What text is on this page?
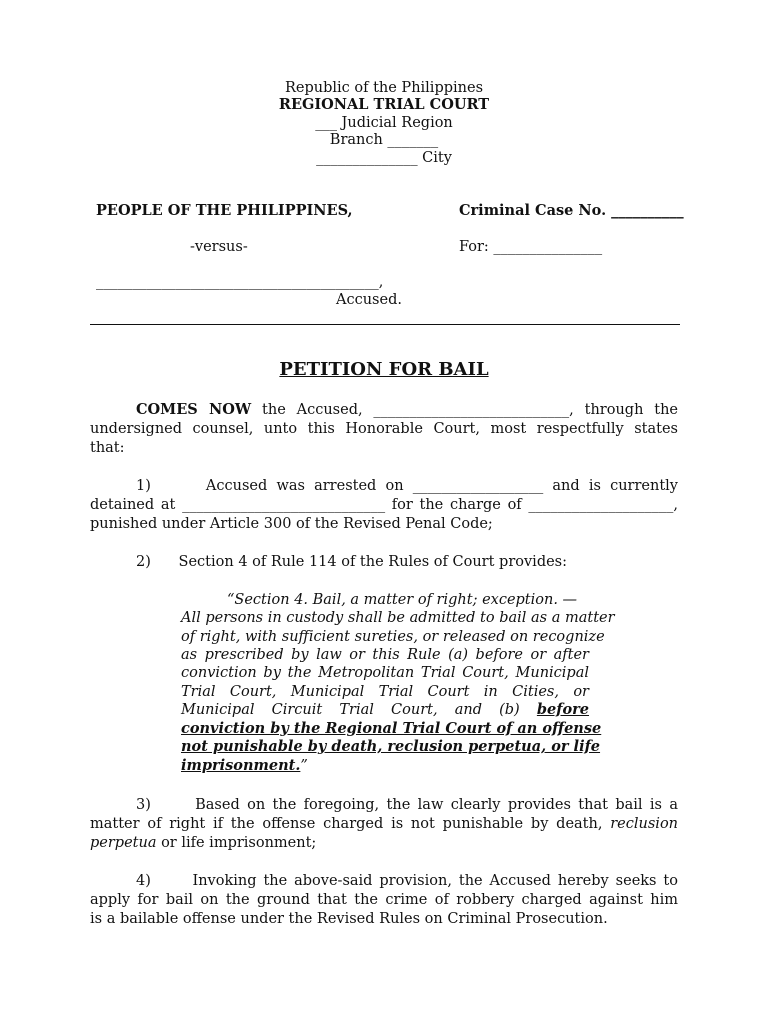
Republic of the Philippines
REGIONAL TRIAL COURT
___ Judicial Region
Branch _______
______________ City
PEOPLE OF THE PHILIPPINES,	Criminal Case No. __________
-versus-	For: _______________
_______________________________________,
Accused.
PETITION FOR BAIL
COMES NOW the Accused, ___________________________, through the
undersigned counsel, unto this Honorable Court, most respectfully states
that:
1)      Accused was arrested on __________________ and is currently
detained at ____________________________ for the charge of ____________________,
punished under Article 300 of the Revised Penal Code;
2)      Section 4 of Rule 114 of the Rules of Court provides:
“Section 4. Bail, a matter of right; exception. —
All persons in custody shall be admitted to bail as a matter
of right, with sufficient sureties, or released on recognize
as prescribed by law or this Rule (a) before or after
conviction by the Metropolitan Trial Court, Municipal
Trial Court, Municipal Trial Court in Cities, or
Municipal Circuit Trial Court, and (b) before
conviction by the Regional Trial Court of an offense
not punishable by death, reclusion perpetua, or life
imprisonment.”
3)      Based on the foregoing, the law clearly provides that bail is a
matter of right if the offense charged is not punishable by death, reclusion
perpetua or life imprisonment;
4)      Invoking the above-said provision, the Accused hereby seeks to
apply for bail on the ground that the crime of robbery charged against him
is a bailable offense under the Revised Rules on Criminal Prosecution.
